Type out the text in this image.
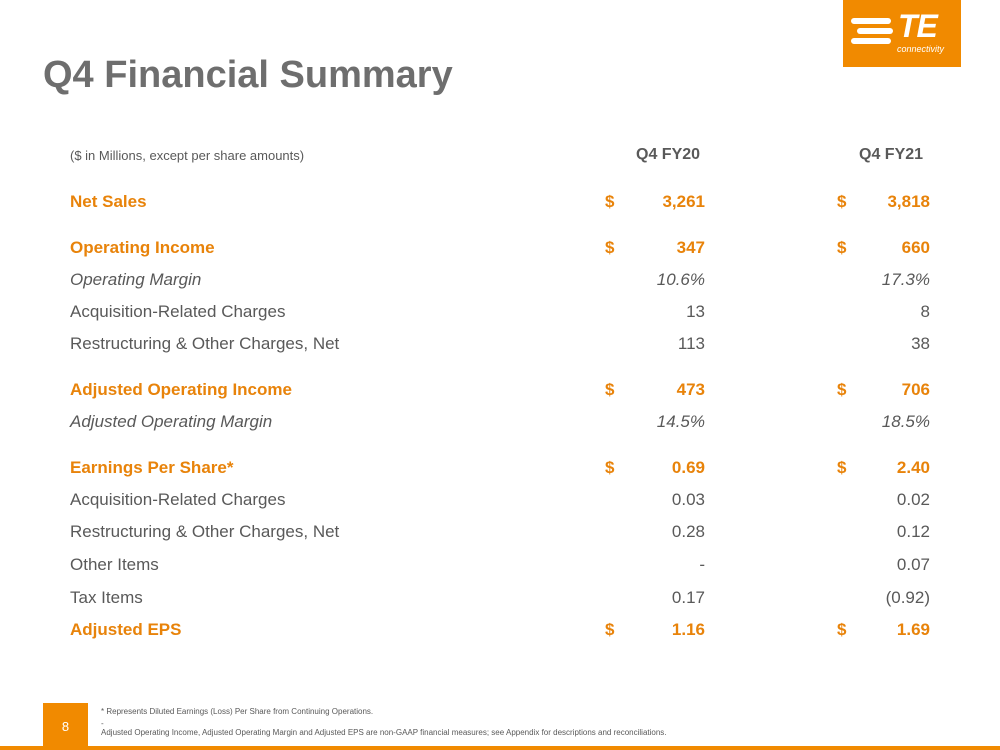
Q4 Financial Summary
TE
connectivity
($ in Millions, except per share amounts)	Q4 FY20	Q4 FY21
Net Sales	$	3,261	$ 3,818
Operating Income	$	347	$	660
Operating Margin	10.6%	17.3%
Acquisition-Related Charges	13	8
Restructuring & Other Charges, Net	113	38
Adjusted Operating Income	$	473	$	706
Adjusted Operating Margin	14.5%	18.5%
Earnings Per Share*	$	0.69	$	2.40
Acquisition-Related Charges	0.03	0.02
Restructuring & Other Charges, Net	0.28	0.12
Other Items	-	0.07
Tax Items	0.17	(0.92)
Adjusted EPS	$	1.16	$	1.69
8
* Represents Diluted Earnings (Loss) Per Share from Continuing Operations.
-
Adjusted Operating Income, Adjusted Operating Margin and Adjusted EPS are non-GAAP financial measures; see Appendix for descriptions and reconciliations.
